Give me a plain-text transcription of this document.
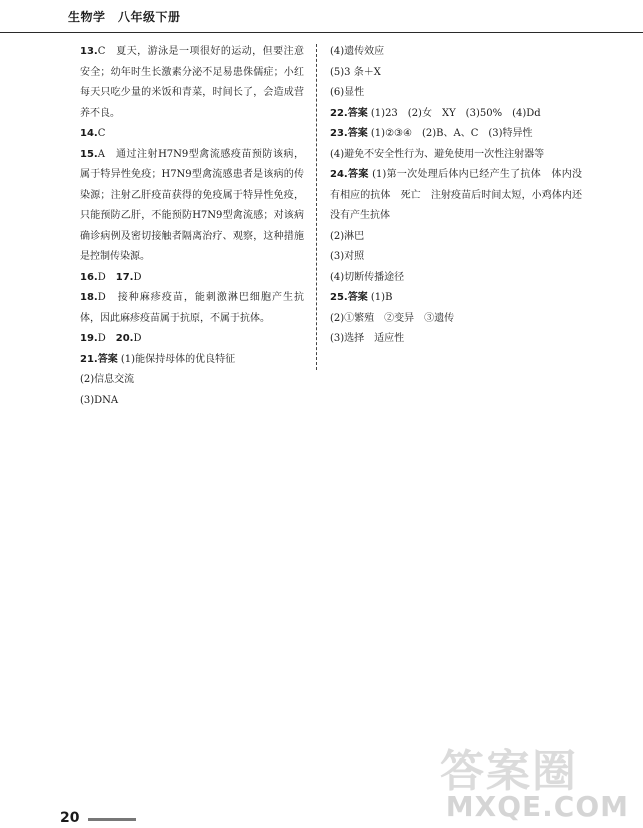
生物学　八年级下册

13.C　夏天，游泳是一项很好的运动，但要注意安全；幼年时生长激素分泌不足易患侏儒症；小红每天只吃少量的米饭和青菜，时间长了，会造成营养不良。

14.C

15.A　通过注射H7N9型禽流感疫苗预防该病，属于特异性免疫；H7N9型禽流感患者是该病的传染源；注射乙肝疫苗获得的免疫属于特异性免疫，只能预防乙肝，不能预防H7N9型禽流感；对该病确诊病例及密切接触者隔离治疗、观察，这种措施是控制传染源。

16.D　17.D

18.D　接种麻疹疫苗，能刺激淋巴细胞产生抗体，因此麻疹疫苗属于抗原，不属于抗体。

19.D　20.D

21.答案 (1)能保持母体的优良特征

(2)信息交流

(3)DNA

(4)遗传效应

(5)3 条＋X

(6)显性

22.答案 (1)23　(2)女　XY　(3)50%　(4)Dd

23.答案 (1)②③④　(2)B、A、C　(3)特异性

(4)避免不安全性行为、避免使用一次性注射器等

24.答案 (1)第一次处理后体内已经产生了抗体　体内没有相应的抗体　死亡　注射疫苗后时间太短，小鸡体内还没有产生抗体

(2)淋巴

(3)对照

(4)切断传播途径

25.答案 (1)B

(2)①繁殖　②变异　③遗传

(3)选择　适应性

答案圈
MXQE.COM
20
